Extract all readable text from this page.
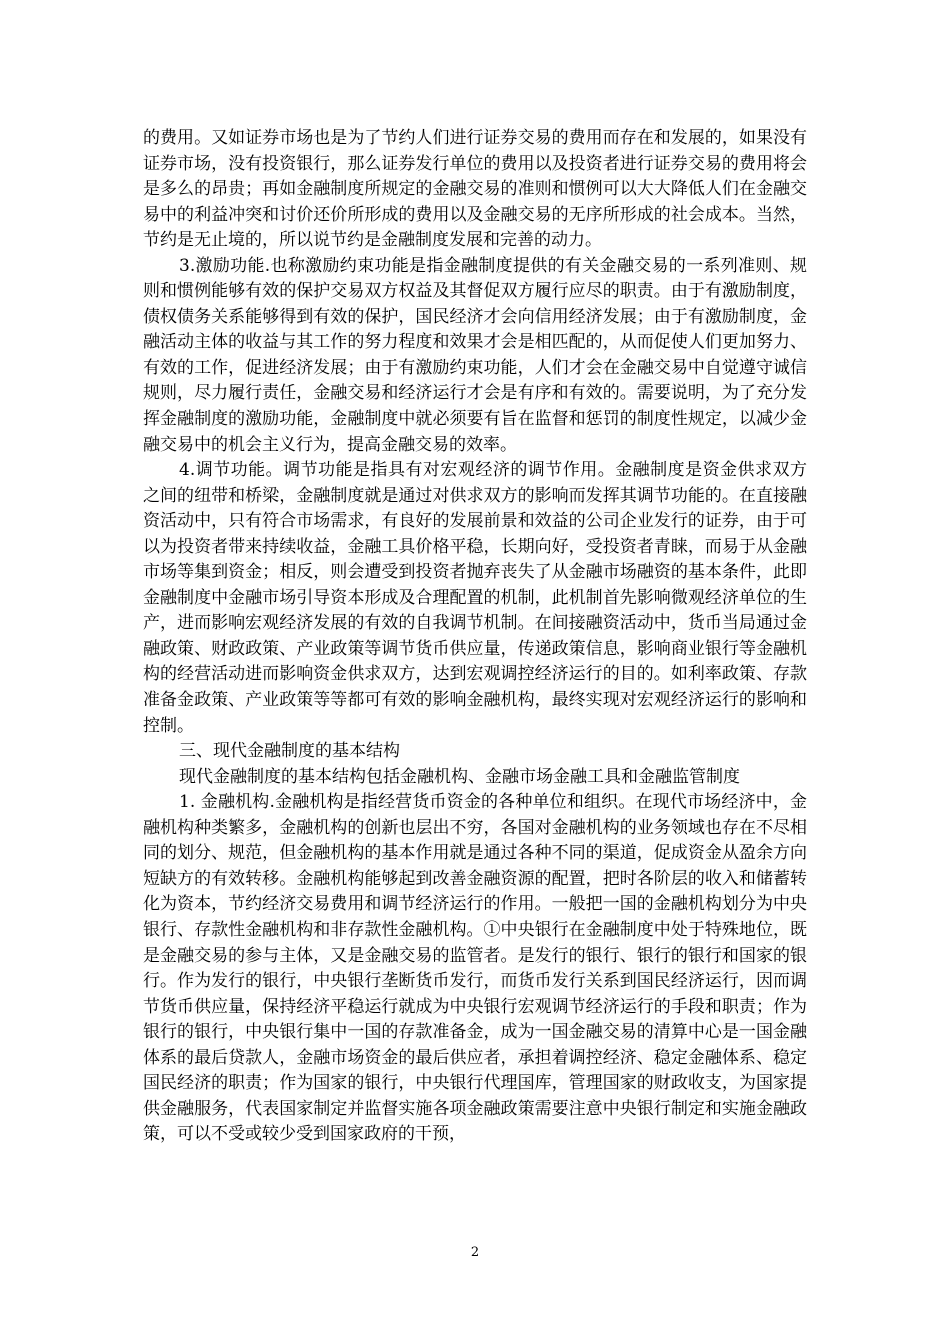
的费用。又如证券市场也是为了节约人们进行证券交易的费用而存在和发展的，如果没有证券市场，没有投资银行，那么证券发行单位的费用以及投资者进行证券交易的费用将会是多么的昂贵；再如金融制度所规定的金融交易的准则和惯例可以大大降低人们在金融交易中的利益冲突和讨价还价所形成的费用以及金融交易的无序所形成的社会成本。当然，节约是无止境的，所以说节约是金融制度发展和完善的动力。

3.激励功能.也称激励约束功能是指金融制度提供的有关金融交易的一系列准则、规则和惯例能够有效的保护交易双方权益及其督促双方履行应尽的职责。由于有激励制度，债权债务关系能够得到有效的保护，国民经济才会向信用经济发展；由于有激励制度，金融活动主体的收益与其工作的努力程度和效果才会是相匹配的，从而促使人们更加努力、有效的工作，促进经济发展；由于有激励约束功能，人们才会在金融交易中自觉遵守诚信规则，尽力履行责任，金融交易和经济运行才会是有序和有效的。需要说明，为了充分发挥金融制度的激励功能，金融制度中就必须要有旨在监督和惩罚的制度性规定，以减少金融交易中的机会主义行为，提高金融交易的效率。

4.调节功能。调节功能是指具有对宏观经济的调节作用。金融制度是资金供求双方之间的纽带和桥梁，金融制度就是通过对供求双方的影响而发挥其调节功能的。在直接融资活动中，只有符合市场需求，有良好的发展前景和效益的公司企业发行的证券，由于可以为投资者带来持续收益，金融工具价格平稳，长期向好，受投资者青睐，而易于从金融市场等集到资金；相反，则会遭受到投资者抛弃丧失了从金融市场融资的基本条件，此即金融制度中金融市场引导资本形成及合理配置的机制，此机制首先影响微观经济单位的生产，进而影响宏观经济发展的有效的自我调节机制。在间接融资活动中，货币当局通过金融政策、财政政策、产业政策等调节货币供应量，传递政策信息，影响商业银行等金融机构的经营活动进而影响资金供求双方，达到宏观调控经济运行的目的。如利率政策、存款准备金政策、产业政策等等都可有效的影响金融机构，最终实现对宏观经济运行的影响和控制。

三、现代金融制度的基本结构

现代金融制度的基本结构包括金融机构、金融市场金融工具和金融监管制度

1. 金融机构.金融机构是指经营货币资金的各种单位和组织。在现代市场经济中，金融机构种类繁多，金融机构的创新也层出不穷，各国对金融机构的业务领域也存在不尽相同的划分、规范，但金融机构的基本作用就是通过各种不同的渠道，促成资金从盈余方向短缺方的有效转移。金融机构能够起到改善金融资源的配置，把时各阶层的收入和储蓄转化为资本，节约经济交易费用和调节经济运行的作用。一般把一国的金融机构划分为中央银行、存款性金融机构和非存款性金融机构。①中央银行在金融制度中处于特殊地位，既是金融交易的参与主体，又是金融交易的监管者。是发行的银行、银行的银行和国家的银行。作为发行的银行，中央银行垄断货币发行，而货币发行关系到国民经济运行，因而调节货币供应量，保持经济平稳运行就成为中央银行宏观调节经济运行的手段和职责；作为银行的银行，中央银行集中一国的存款准备金，成为一国金融交易的清算中心是一国金融体系的最后贷款人，金融市场资金的最后供应者，承担着调控经济、稳定金融体系、稳定国民经济的职责；作为国家的银行，中央银行代理国库，管理国家的财政收支，为国家提供金融服务，代表国家制定并监督实施各项金融政策需要注意中央银行制定和实施金融政策，可以不受或较少受到国家政府的干预，

2
